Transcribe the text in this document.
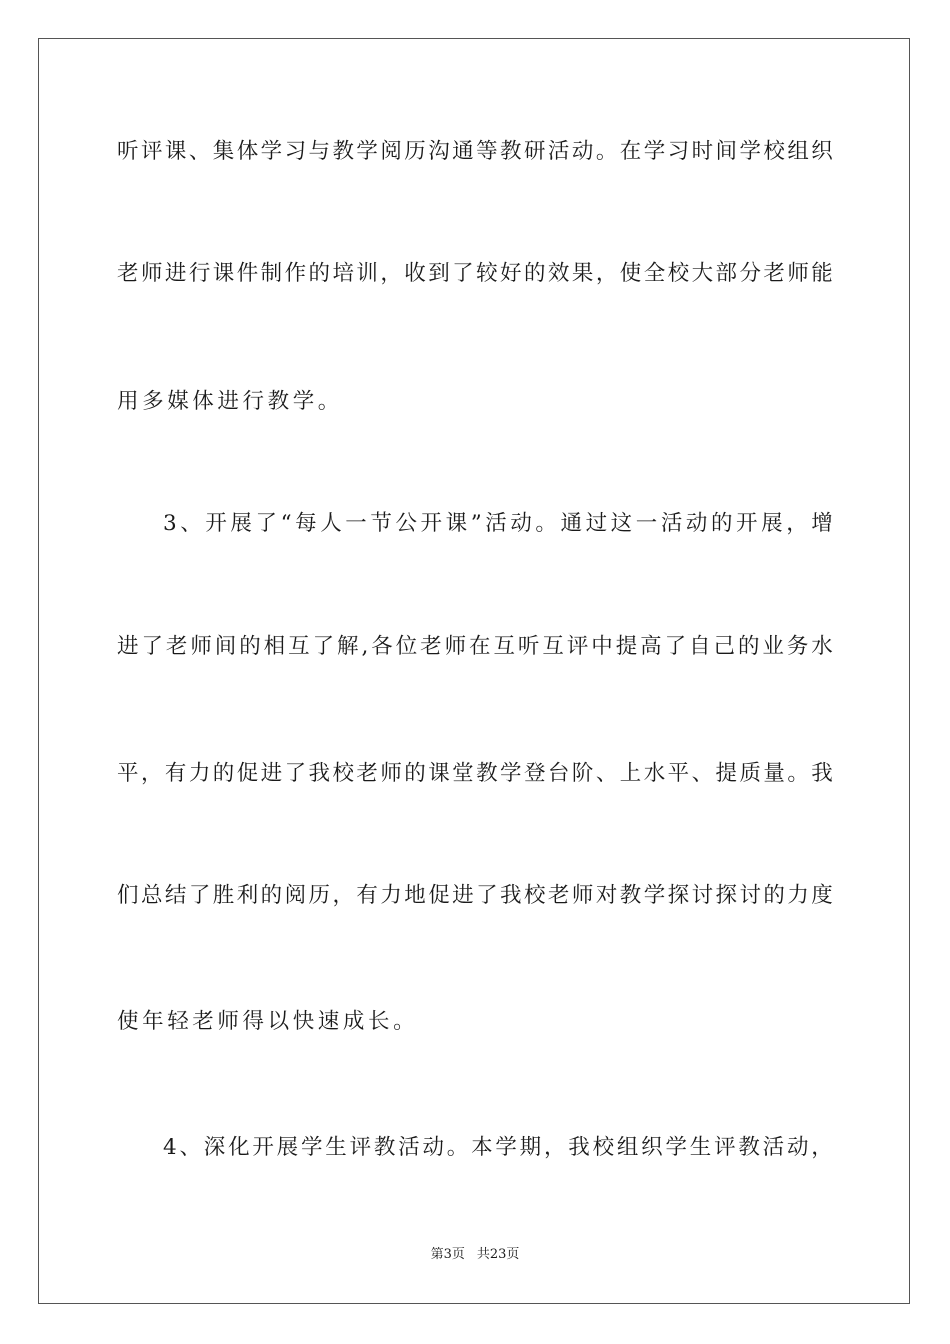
听评课、集体学习与教学阅历沟通等教研活动。在学习时间学校组织
老师进行课件制作的培训，收到了较好的效果，使全校大部分老师能
用多媒体进行教学。
3、开展了“每人一节公开课”活动。通过这一活动的开展，增
进了老师间的相互了解,各位老师在互听互评中提高了自己的业务水
平，有力的促进了我校老师的课堂教学登台阶、上水平、提质量。我
们总结了胜利的阅历，有力地促进了我校老师对教学探讨探讨的力度
使年轻老师得以快速成长。
4、深化开展学生评教活动。本学期，我校组织学生评教活动，
第3页 共23页
